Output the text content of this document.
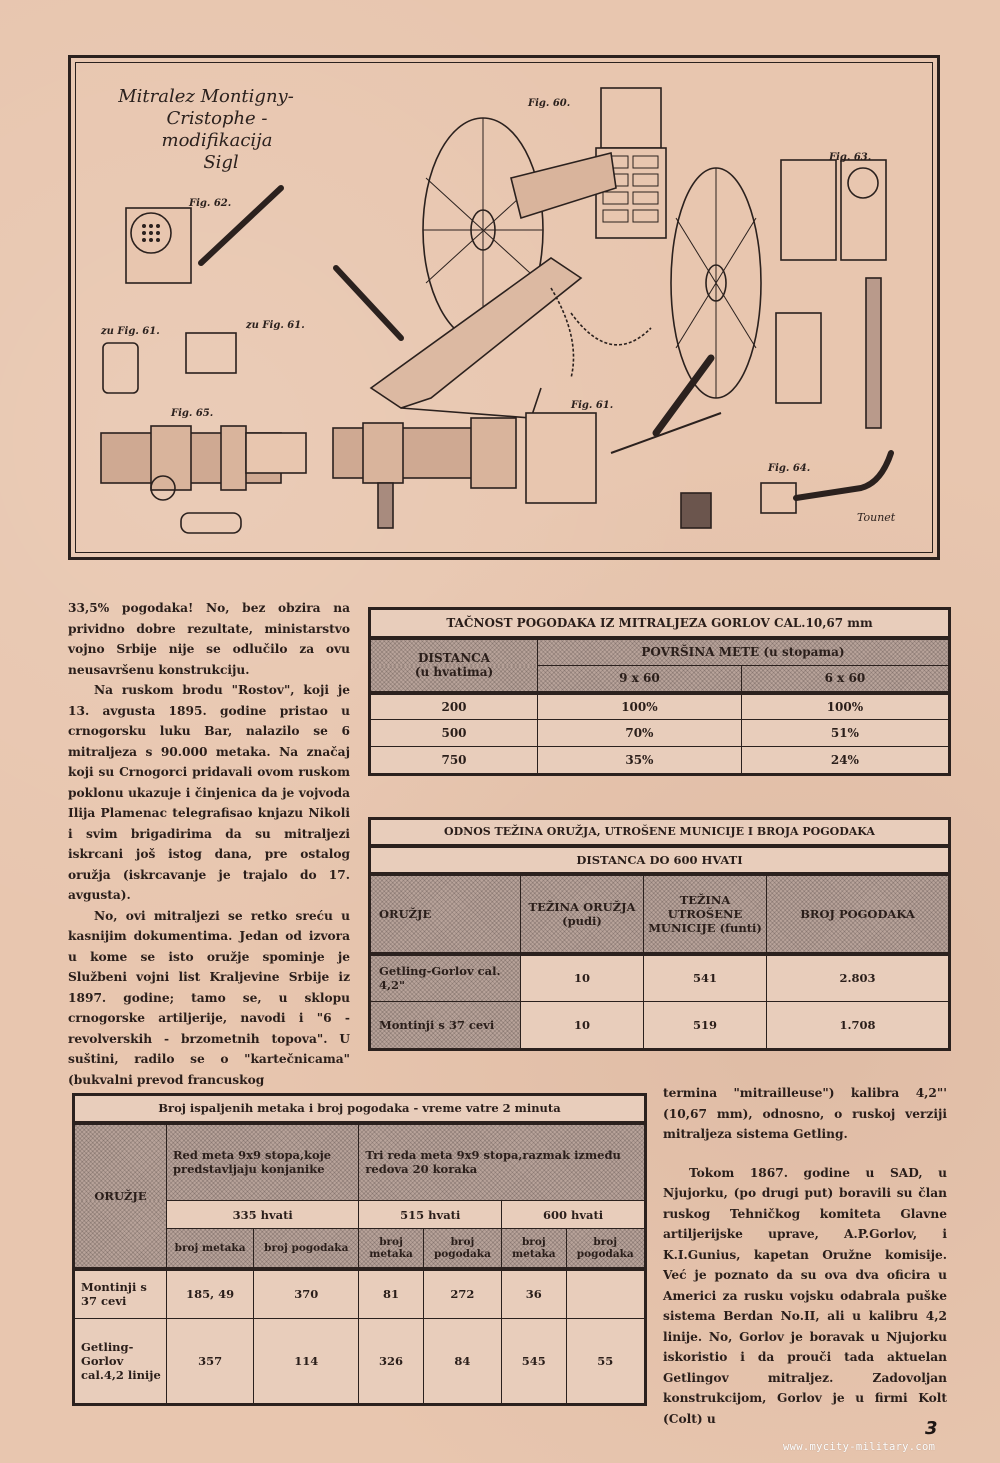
Mitralez Montigny-
Cristophe - modifikacija
Sigl
Fig. 60.
Fig. 62.
Fig. 63.
zu Fig. 61.
zu Fig. 61.
Fig. 65.
Fig. 61.
Fig. 64.
Tounet

33,5% pogodaka! No, bez obzira na prividno dobre rezultate, ministarstvo vojno Srbije nije se odlučilo za ovu neusavršenu konstrukciju.

Na ruskom brodu "Rostov", koji je 13. avgusta 1895. godine pristao u crnogorsku luku Bar, nalazilo se 6 mitraljeza s 90.000 metaka. Na značaj koji su Crnogorci pridavali ovom ruskom poklonu ukazuje i činjenica da je vojvoda Ilija Plamenac telegrafisao knjazu Nikoli i svim brigadirima da su mitraljezi iskrcani još istog dana, pre ostalog oružja (iskrcavanje je trajalo do 17. avgusta).

No, ovi mitraljezi se retko sreću u kasnijim dokumentima. Jedan od izvora u kome se isto oružje spominje je Službeni vojni list Kraljevine Srbije iz 1897. godine; tamo se, u sklopu crnogorske artiljerije, navodi i "6 - revolverskih - brzometnih topova". U suštini, radilo se o "kartečnicama" (bukvalni prevod francuskog

TAČNOST POGODAKA IZ MITRALJEZA GORLOV CAL.10,67 mm		

DISTANCA
(u hvatima)	POVRŠINA METE (u stopama)	
	9 x 60	6 x 60
200	100%	100%
500	70%	51%
750	35%	24%
ODNOS TEŽINA ORUŽJA, UTROŠENE MUNICIJE I BROJA POGODAKA			
DISTANCA DO 600 HVATI			
ORUŽJE	TEŽINA ORUŽJA (pudi)	TEŽINA UTROŠENE MUNICIJE (funti)	BROJ POGODAKA
Getling-Gorlov cal. 4,2"	10	541	2.803
Montinji s 37 cevi	10	519	1.708

termina "mitrailleuse") kalibra 4,2"' (10,67 mm), odnosno, o ruskoj verziji mitraljeza sistema Getling.

Tokom 1867. godine u SAD, u Njujorku, (po drugi put) boravili su član ruskog Tehničkog komiteta Glavne artiljerijske uprave, A.P.Gorlov, i K.I.Gunius, kapetan Oružne komisije. Već je poznato da su ova dva oficira u Americi za rusku vojsku odabrala puške sistema Berdan No.II, ali u kalibru 4,2 linije. No, Gorlov je boravak u Njujorku iskoristio i da prouči tada aktuelan Getlingov mitraljez. Zadovoljan konstrukcijom, Gorlov je u firmi Kolt (Colt) u

Broj ispaljenih metaka i broj pogodaka - vreme vatre 2 minuta						
ORUŽJE	Red meta 9x9 stopa,koje predstavljaju konjanike		Tri reda meta 9x9 stopa,razmak između redova 20 koraka			
	335 hvati		515 hvati		600 hvati	
	broj metaka	broj pogodaka	broj metaka	broj pogodaka	broj metaka	broj pogodaka
Montinji s 37 cevi	185, 49	370	81	272	36	
Getling-Gorlov cal.4,2 linije	357	114	326	84	545	55
3
www.mycity-military.com
